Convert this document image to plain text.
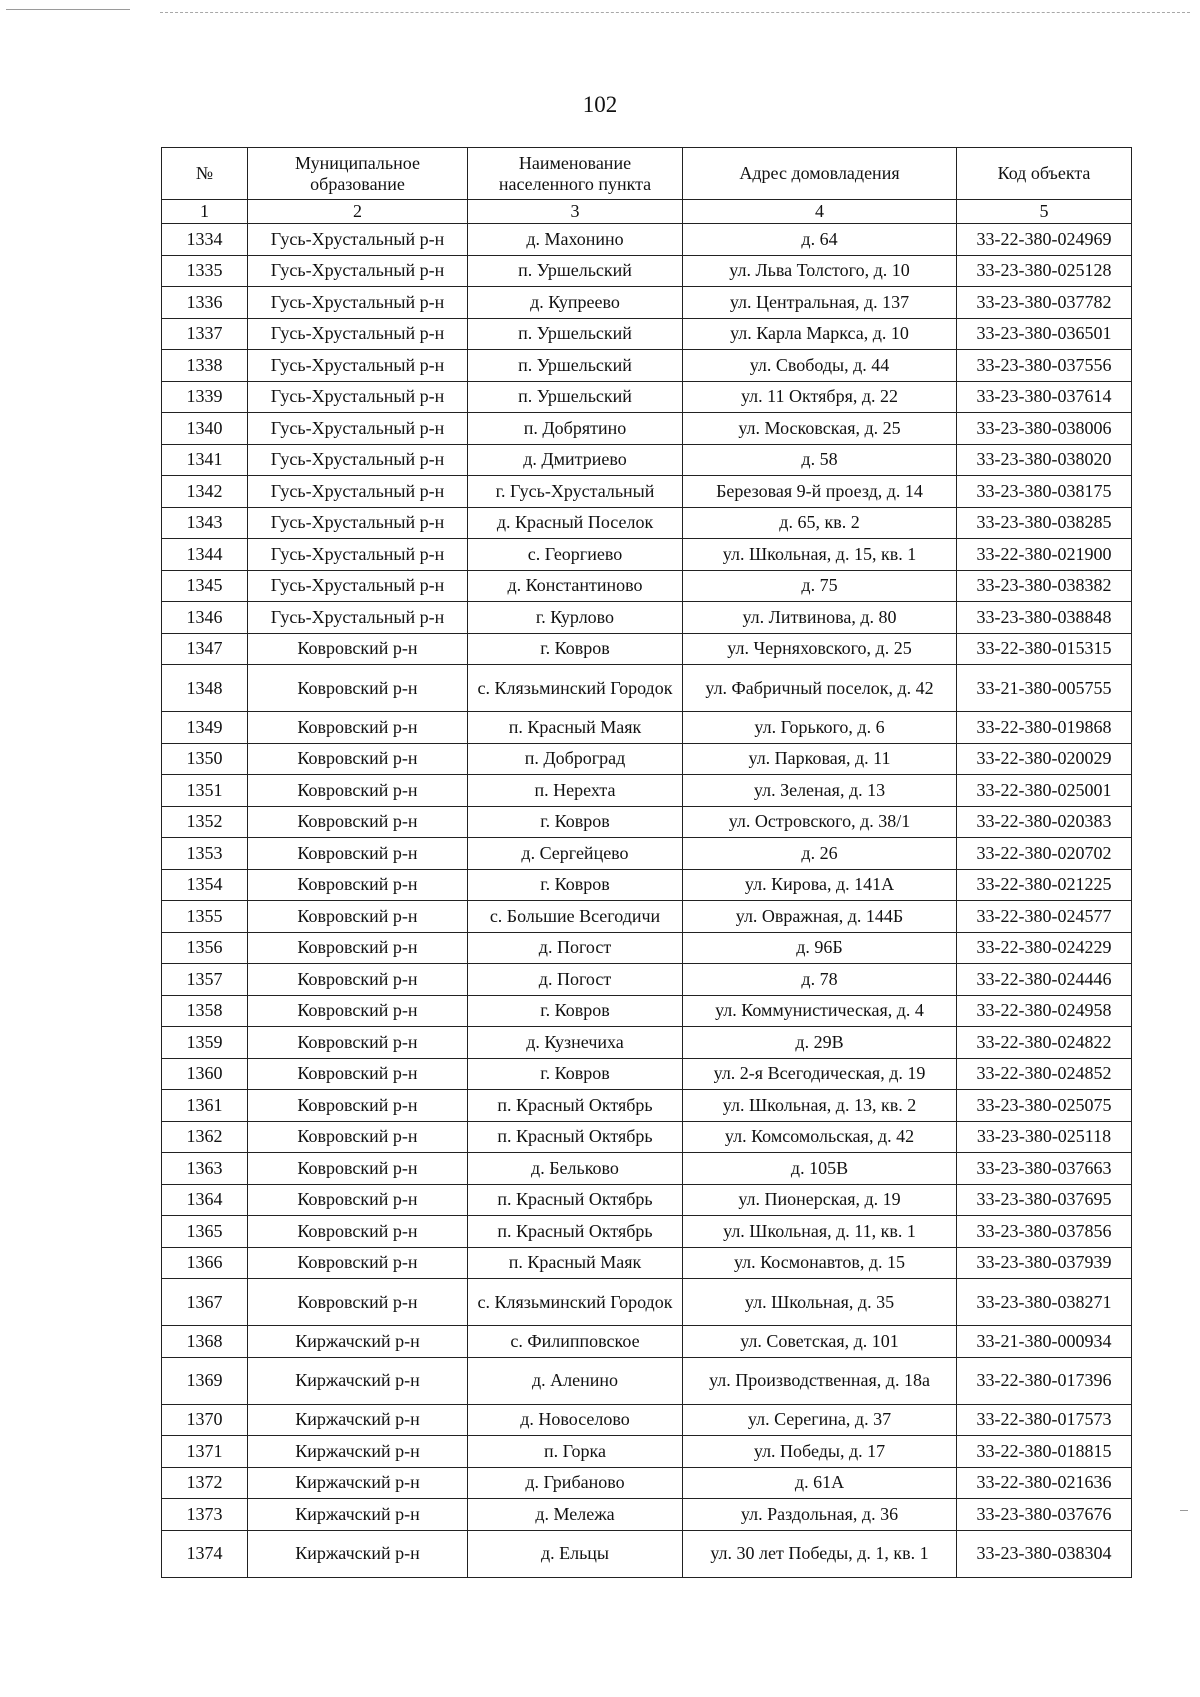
102
№	Муниципальное образование	Наименование населенного пункта	Адрес домовладения	Код объекта
1	2	3	4	5
1334	Гусь-Хрустальный р-н	д. Махонино	д. 64	33-22-380-024969
1335	Гусь-Хрустальный р-н	п. Уршельский	ул. Льва Толстого, д. 10	33-23-380-025128
1336	Гусь-Хрустальный р-н	д. Купреево	ул. Центральная, д. 137	33-23-380-037782
1337	Гусь-Хрустальный р-н	п. Уршельский	ул. Карла Маркса, д. 10	33-23-380-036501
1338	Гусь-Хрустальный р-н	п. Уршельский	ул. Свободы, д. 44	33-23-380-037556
1339	Гусь-Хрустальный р-н	п. Уршельский	ул. 11 Октября, д. 22	33-23-380-037614
1340	Гусь-Хрустальный р-н	п. Добрятино	ул. Московская, д. 25	33-23-380-038006
1341	Гусь-Хрустальный р-н	д. Дмитриево	д. 58	33-23-380-038020
1342	Гусь-Хрустальный р-н	г. Гусь-Хрустальный	Березовая 9-й проезд, д. 14	33-23-380-038175
1343	Гусь-Хрустальный р-н	д. Красный Поселок	д. 65, кв. 2	33-23-380-038285
1344	Гусь-Хрустальный р-н	с. Георгиево	ул. Школьная, д. 15, кв. 1	33-22-380-021900
1345	Гусь-Хрустальный р-н	д. Константиново	д. 75	33-23-380-038382
1346	Гусь-Хрустальный р-н	г. Курлово	ул. Литвинова, д. 80	33-23-380-038848
1347	Ковровский р-н	г. Ковров	ул. Черняховского, д. 25	33-22-380-015315
1348	Ковровский р-н	с. Клязьминский Городок	ул. Фабричный поселок, д. 42	33-21-380-005755
1349	Ковровский р-н	п. Красный Маяк	ул. Горького, д. 6	33-22-380-019868
1350	Ковровский р-н	п. Доброград	ул. Парковая, д. 11	33-22-380-020029
1351	Ковровский р-н	п. Нерехта	ул. Зеленая, д. 13	33-22-380-025001
1352	Ковровский р-н	г. Ковров	ул. Островского, д. 38/1	33-22-380-020383
1353	Ковровский р-н	д. Сергейцево	д. 26	33-22-380-020702
1354	Ковровский р-н	г. Ковров	ул. Кирова, д. 141А	33-22-380-021225
1355	Ковровский р-н	с. Большие Всегодичи	ул. Овражная, д. 144Б	33-22-380-024577
1356	Ковровский р-н	д. Погост	д. 96Б	33-22-380-024229
1357	Ковровский р-н	д. Погост	д. 78	33-22-380-024446
1358	Ковровский р-н	г. Ковров	ул. Коммунистическая, д. 4	33-22-380-024958
1359	Ковровский р-н	д. Кузнечиха	д. 29В	33-22-380-024822
1360	Ковровский р-н	г. Ковров	ул. 2-я Всегодическая, д. 19	33-22-380-024852
1361	Ковровский р-н	п. Красный Октябрь	ул. Школьная, д. 13, кв. 2	33-23-380-025075
1362	Ковровский р-н	п. Красный Октябрь	ул. Комсомольская, д. 42	33-23-380-025118
1363	Ковровский р-н	д. Бельково	д. 105В	33-23-380-037663
1364	Ковровский р-н	п. Красный Октябрь	ул. Пионерская, д. 19	33-23-380-037695
1365	Ковровский р-н	п. Красный Октябрь	ул. Школьная, д. 11, кв. 1	33-23-380-037856
1366	Ковровский р-н	п. Красный Маяк	ул. Космонавтов, д. 15	33-23-380-037939
1367	Ковровский р-н	с. Клязьминский Городок	ул. Школьная, д. 35	33-23-380-038271
1368	Киржачский р-н	с. Филипповское	ул. Советская, д. 101	33-21-380-000934
1369	Киржачский р-н	д. Аленино	ул. Производственная, д. 18а	33-22-380-017396
1370	Киржачский р-н	д. Новоселово	ул. Серегина, д. 37	33-22-380-017573
1371	Киржачский р-н	п. Горка	ул. Победы, д. 17	33-22-380-018815
1372	Киржачский р-н	д. Грибаново	д. 61А	33-22-380-021636
1373	Киржачский р-н	д. Мележа	ул. Раздольная, д. 36	33-23-380-037676
1374	Киржачский р-н	д. Ельцы	ул. 30 лет Победы, д. 1, кв. 1	33-23-380-038304
